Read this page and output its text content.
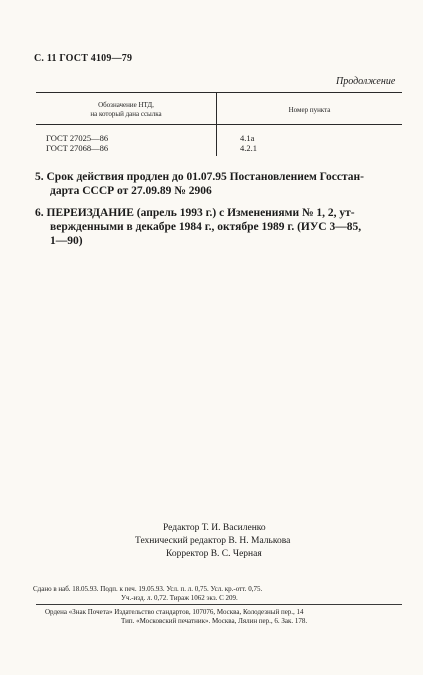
С. 11 ГОСТ 4109—79
Продолжение
Обозначение НТД,
на который дана ссылка	Номер пункта
ГОСТ 27025—86	4.1а
ГОСТ 27068—86	4.2.1
5. Срок действия продлен до 01.07.95 Постановлением Госстан-
дарта СССР от 27.09.89 № 2906
6. ПЕРЕИЗДАНИЕ (апрель 1993 г.) с Изменениями № 1, 2, ут-
вержденными в декабре 1984 г., октябре 1989 г. (ИУС 3—85,
1—90)
Редактор Т. И. Василенко
Технический редактор В. Н. Малькова
Корректор В. С. Черная
Сдано в наб. 18.05.93. Подп. к печ. 19.05.93. Усл. п. л. 0,75. Усл. кр.-отт. 0,75.
Уч.-изд. л. 0,72. Тираж 1062 экз. С 209.
Ордена «Знак Почета» Издательство стандартов, 107076, Москва, Колодезный пер., 14
Тип. «Московский печатник». Москва, Лялин пер., 6. Зак. 178.
